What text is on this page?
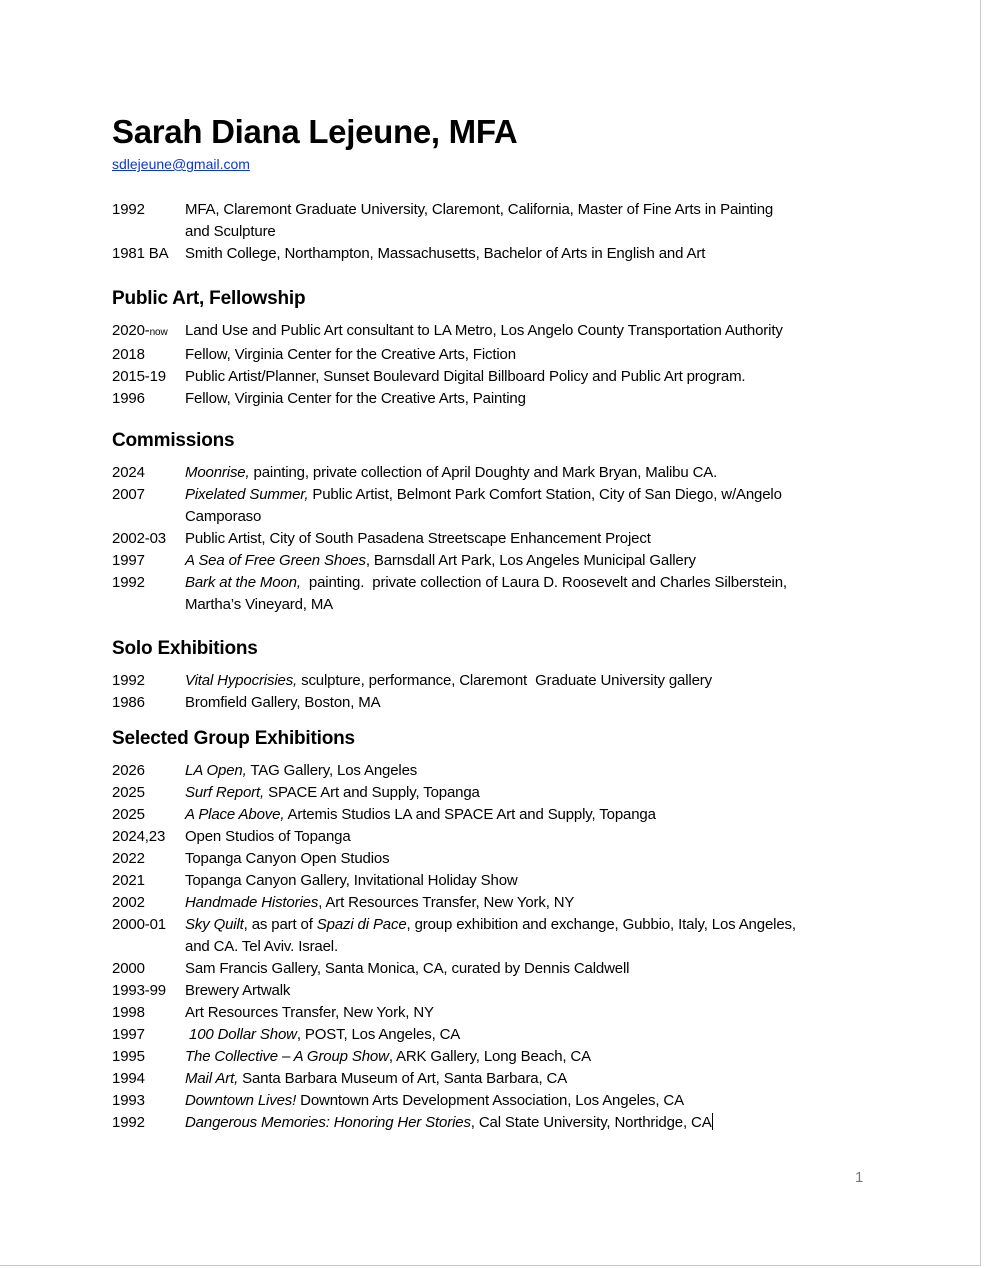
Sarah Diana Lejeune, MFA
sdlejeune@gmail.com
1992	MFA, Claremont Graduate University, Claremont, California, Master of Fine Arts in Painting
and Sculpture
1981 BA	Smith College, Northampton, Massachusetts, Bachelor of Arts in English and Art
Public Art, Fellowship
2020-now	Land Use and Public Art consultant to LA Metro, Los Angelo County Transportation Authority
2018	Fellow, Virginia Center for the Creative Arts, Fiction
2015-19	Public Artist/Planner, Sunset Boulevard Digital Billboard Policy and Public Art program.
1996	Fellow, Virginia Center for the Creative Arts, Painting
Commissions
2024	Moonrise, painting, private collection of April Doughty and Mark Bryan, Malibu CA.
2007	Pixelated Summer, Public Artist, Belmont Park Comfort Station, City of San Diego, w/Angelo
Camporaso
2002-03	Public Artist, City of South Pasadena Streetscape Enhancement Project
1997	A Sea of Free Green Shoes, Barnsdall Art Park, Los Angeles Municipal Gallery
1992	Bark at the Moon,  painting.  private collection of Laura D. Roosevelt and Charles Silberstein,
Martha’s Vineyard, MA
Solo Exhibitions
1992	Vital Hypocrisies, sculpture, performance, Claremont  Graduate University gallery
1986	Bromfield Gallery, Boston, MA
Selected Group Exhibitions
2026	LA Open, TAG Gallery, Los Angeles
2025	Surf Report, SPACE Art and Supply, Topanga
2025	A Place Above, Artemis Studios LA and SPACE Art and Supply, Topanga
2024,23	Open Studios of Topanga
2022	Topanga Canyon Open Studios
2021	Topanga Canyon Gallery, Invitational Holiday Show
2002	Handmade Histories, Art Resources Transfer, New York, NY
2000-01	Sky Quilt, as part of Spazi di Pace, group exhibition and exchange, Gubbio, Italy, Los Angeles,
and CA. Tel Aviv. Israel.
2000	Sam Francis Gallery, Santa Monica, CA, curated by Dennis Caldwell
1993-99	Brewery Artwalk
1998	Art Resources Transfer, New York, NY
1997	100 Dollar Show, POST, Los Angeles, CA
1995	The Collective – A Group Show, ARK Gallery, Long Beach, CA
1994	Mail Art, Santa Barbara Museum of Art, Santa Barbara, CA
1993	Downtown Lives! Downtown Arts Development Association, Los Angeles, CA
1992	Dangerous Memories: Honoring Her Stories, Cal State University, Northridge, CA
1
